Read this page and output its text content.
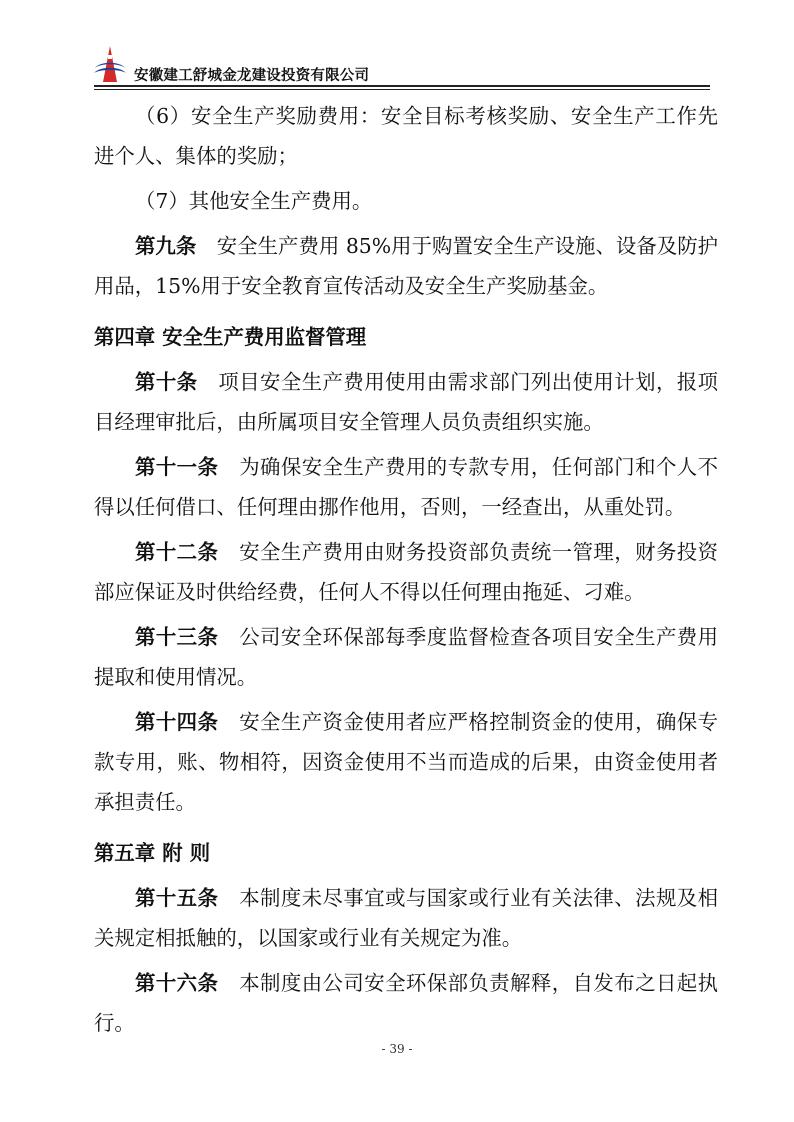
安徽建工舒城金龙建设投资有限公司

（6）安全生产奖励费用：安全目标考核奖励、安全生产工作先进个人、集体的奖励；

（7）其他安全生产费用。

第九条　 安全生产费用 85%用于购置安全生产设施、设备及防护用品，15%用于安全教育宣传活动及安全生产奖励基金。

第四章 安全生产费用监督管理

第十条　 项目安全生产费用使用由需求部门列出使用计划，报项目经理审批后，由所属项目安全管理人员负责组织实施。

第十一条　 为确保安全生产费用的专款专用，任何部门和个人不得以任何借口、任何理由挪作他用，否则，一经查出，从重处罚。

第十二条　 安全生产费用由财务投资部负责统一管理，财务投资部应保证及时供给经费，任何人不得以任何理由拖延、刁难。

第十三条　 公司安全环保部每季度监督检查各项目安全生产费用提取和使用情况。

第十四条　 安全生产资金使用者应严格控制资金的使用，确保专款专用，账、物相符，因资金使用不当而造成的后果，由资金使用者承担责任。

第五章 附 则

第十五条　 本制度未尽事宜或与国家或行业有关法律、法规及相关规定相抵触的，以国家或行业有关规定为准。

第十六条　 本制度由公司安全环保部负责解释，自发布之日起执行。

- 39 -
